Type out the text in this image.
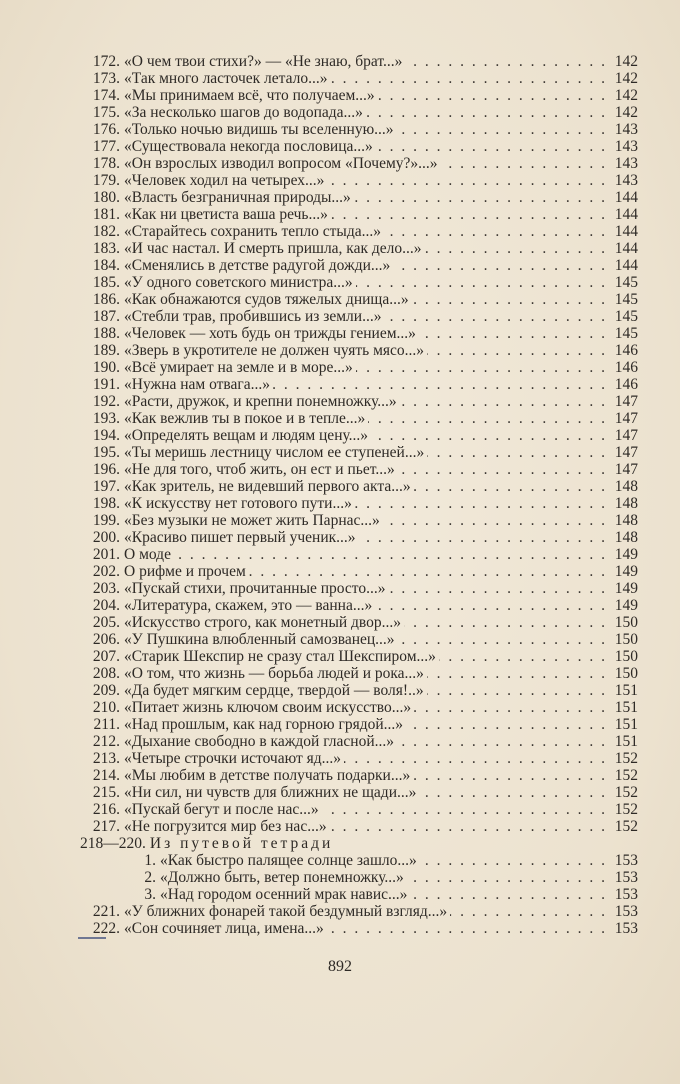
172. «О чем твои стихи?» — «Не знаю, брат...» . . .	142
173. «Так много ласточек летало...» . . .	142
174. «Мы принимаем всё, что получаем...» . . .	142
175. «За несколько шагов до водопада...» . . .	142
176. «Только ночью видишь ты вселенную...» . . .	143
177. «Существовала некогда пословица...» . . .	143
178. «Он взрослых изводил вопросом «Почему?»...» . . .	143
179. «Человек ходил на четырех...» . . .	143
180. «Власть безграничная природы...» . . .	144
181. «Как ни цветиста ваша речь...» . . .	144
182. «Старайтесь сохранить тепло стыда...» . . .	144
183. «И час настал. И смерть пришла, как дело...» . . .	144
184. «Сменялись в детстве радугой дожди...» . . .	144
185. «У одного советского министра...» . . .	145
186. «Как обнажаются судов тяжелых днища...» . . .	145
187. «Стебли трав, пробившись из земли...» . . .	145
188. «Человек — хоть будь он трижды гением...» . . .	145
189. «Зверь в укротителе не должен чуять мясо...» . . .	146
190. «Всё умирает на земле и в море...» . . .	146
191. «Нужна нам отвага...» . . .	146
192. «Расти, дружок, и крепни понемножку...» . . .	147
193. «Как вежлив ты в покое и в тепле...» . . .	147
194. «Определять вещам и людям цену...» . . .	147
195. «Ты меришь лестницу числом ее ступеней...» . . .	147
196. «Не для того, чтоб жить, он ест и пьет...» . . .	147
197. «Как зритель, не видевший первого акта...» . . .	148
198. «К искусству нет готового пути...» . . .	148
199. «Без музыки не может жить Парнас...» . . .	148
200. «Красиво пишет первый ученик...» . . .	148
201. О моде . . .	149
202. О рифме и прочем . . .	149
203. «Пускай стихи, прочитанные просто...» . . .	149
204. «Литература, скажем, это — ванна...» . . .	149
205. «Искусство строго, как монетный двор...» . . .	150
206. «У Пушкина влюбленный самозванец...» . . .	150
207. «Старик Шекспир не сразу стал Шекспиром...» . . .	150
208. «О том, что жизнь — борьба людей и рока...» . . .	150
209. «Да будет мягким сердце, твердой — воля!..» . . .	151
210. «Питает жизнь ключом своим искусство...» . . .	151
211. «Над прошлым, как над горною грядой...» . . .	151
212. «Дыхание свободно в каждой гласной...» . . .	151
213. «Четыре строчки источают яд...» . . .	152
214. «Мы любим в детстве получать подарки...» . . .	152
215. «Ни сил, ни чувств для ближних не щади...» . . .	152
216. «Пускай бегут и после нас...» . . .	152
217. «Не погрузится мир без нас...» . . .	152
218—220. Из путевой тетради
1. «Как быстро палящее солнце зашло...» . . .	153
2. «Должно быть, ветер понемножку...» . . .	153
3. «Над городом осенний мрак навис...» . . .	153
221. «У ближних фонарей такой бездумный взгляд...» . . .	153
222. «Сон сочиняет лица, имена...» . . .	153
892
